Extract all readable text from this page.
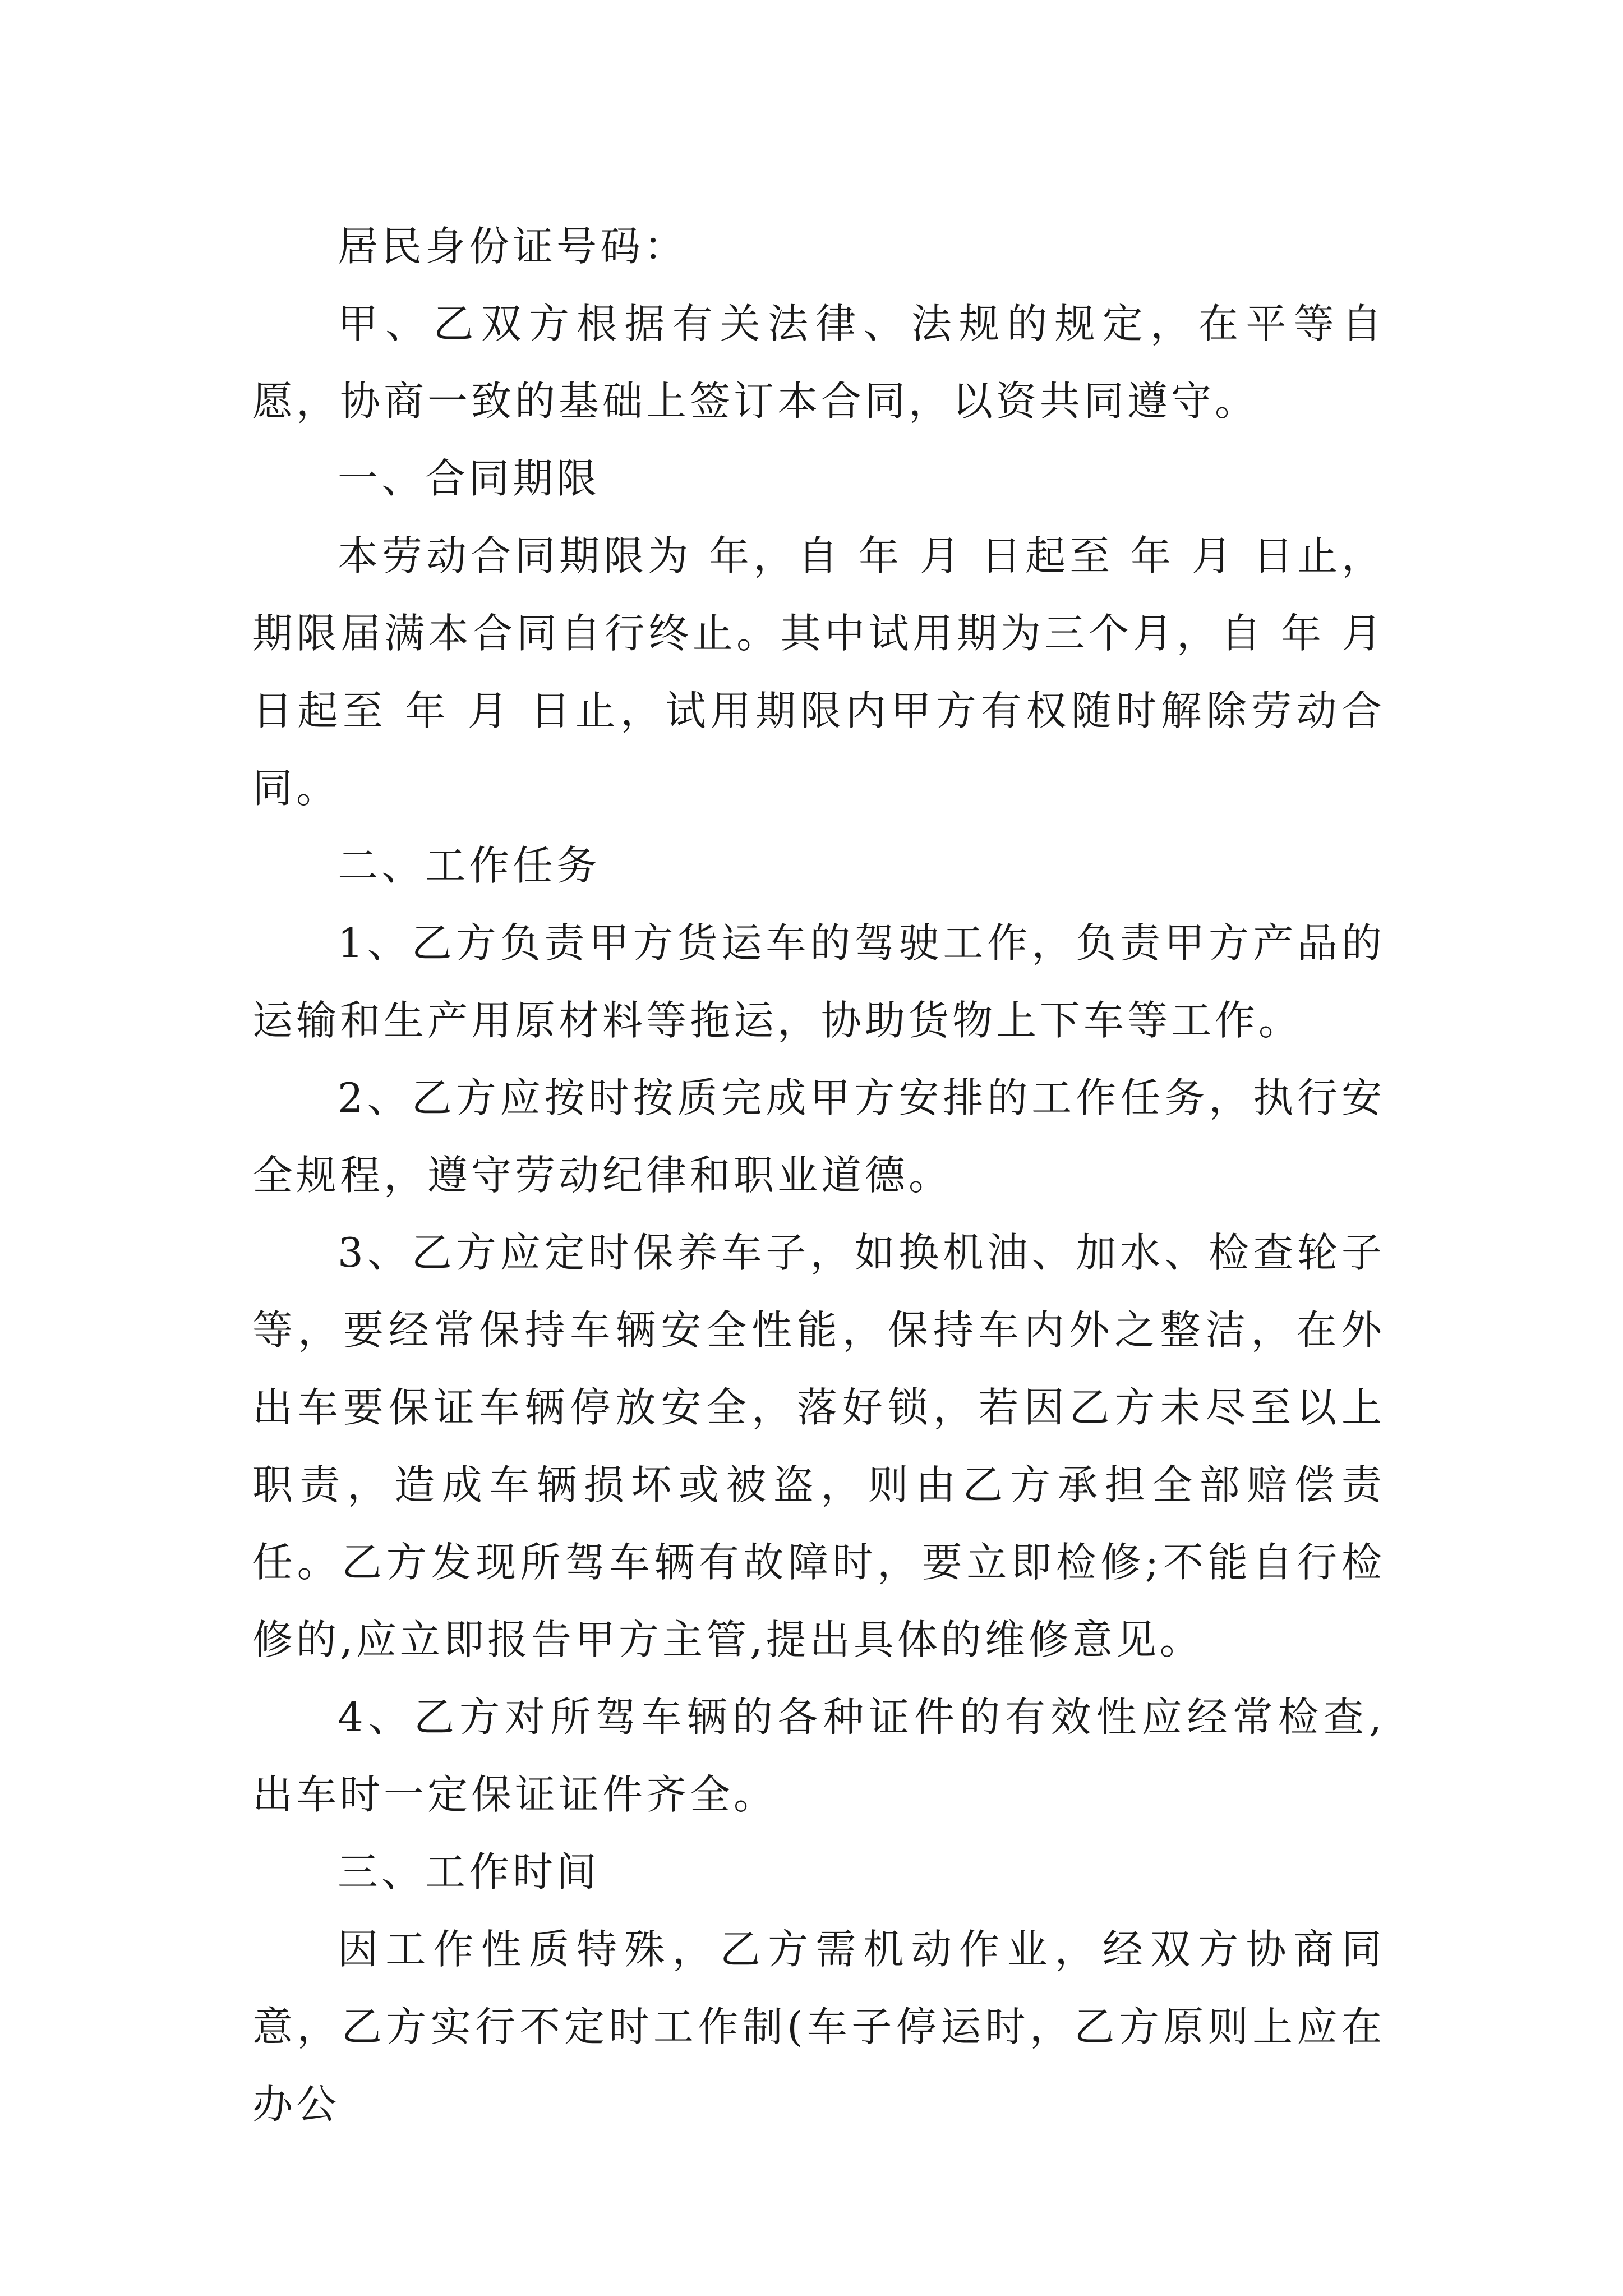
居民身份证号码：

甲、乙双方根据有关法律、法规的规定，在平等自愿，协商一致的基础上签订本合同，以资共同遵守。

一、合同期限

本劳动合同期限为 年，自 年 月 日起至 年 月 日止，期限届满本合同自行终止。其中试用期为三个月，自 年 月 日起至 年 月 日止，试用期限内甲方有权随时解除劳动合同。

二、工作任务

1、乙方负责甲方货运车的驾驶工作，负责甲方产品的运输和生产用原材料等拖运，协助货物上下车等工作。

2、乙方应按时按质完成甲方安排的工作任务，执行安全规程，遵守劳动纪律和职业道德。

3、乙方应定时保养车子，如换机油、加水、检查轮子等，要经常保持车辆安全性能，保持车内外之整洁，在外出车要保证车辆停放安全，落好锁，若因乙方未尽至以上职责，造成车辆损坏或被盗，则由乙方承担全部赔偿责任。乙方发现所驾车辆有故障时，要立即检修;不能自行检修的,应立即报告甲方主管,提出具体的维修意见。

4、乙方对所驾车辆的各种证件的有效性应经常检查,出车时一定保证证件齐全。

三、工作时间

因工作性质特殊，乙方需机动作业，经双方协商同意，乙方实行不定时工作制(车子停运时，乙方原则上应在办公
